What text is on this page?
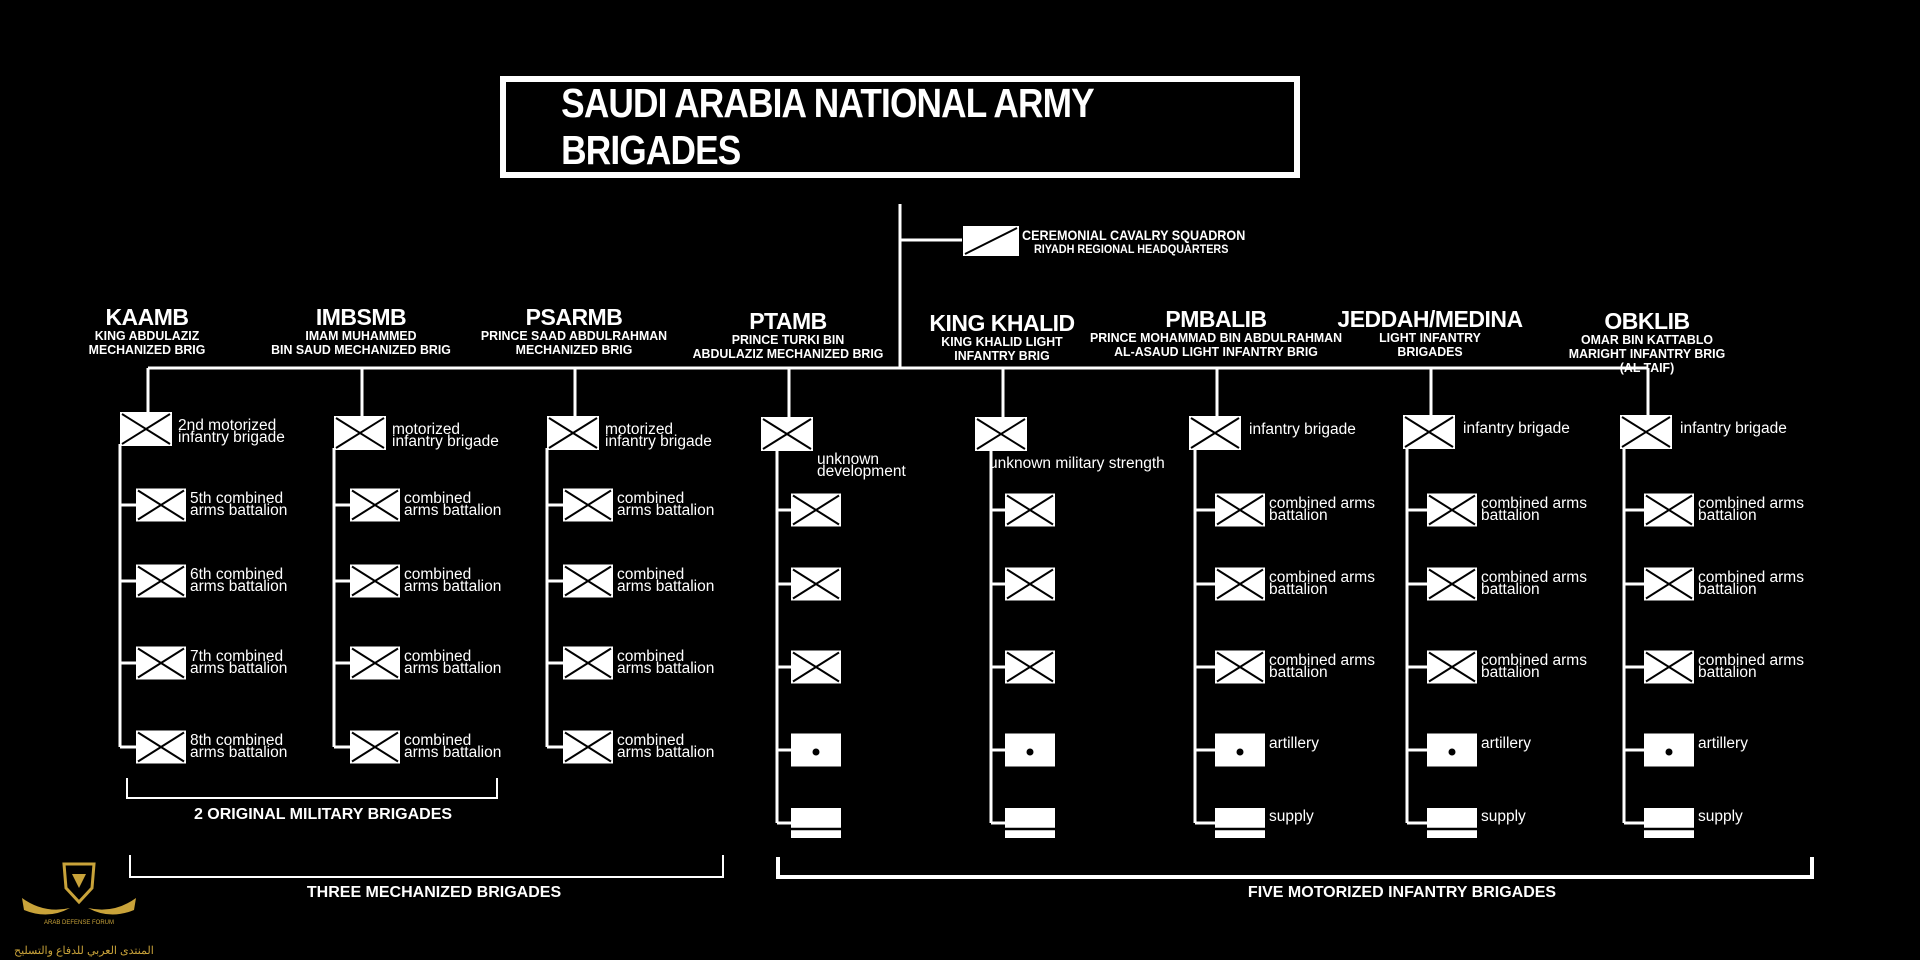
SAUDI ARABIA NATIONAL ARMY BRIGADES
CEREMONIAL CAVALRY SQUADRON
RIYADH REGIONAL HEADQUARTERS
KAAMB
KING ABDULAZIZ
MECHANIZED BRIG
IMBSMB
IMAM MUHAMMED
BIN SAUD MECHANIZED BRIG
PSARMB
PRINCE SAAD ABDULRAHMAN
MECHANIZED BRIG
PTAMB
PRINCE TURKI BIN
ABDULAZIZ MECHANIZED BRIG
KING KHALID
KING KHALID LIGHT
INFANTRY BRIG
PMBALIB
PRINCE MOHAMMAD BIN ABDULRAHMAN
AL-ASAUD LIGHT INFANTRY BRIG
JEDDAH/MEDINA
LIGHT INFANTRY
BRIGADES
OBKLIB
OMAR BIN KATTABLO
MARIGHT INFANTRY BRIG
(AL TAIF)
2nd motorized
infantry brigade
5th combined
arms battalion
6th combined
arms battalion
7th combined
arms battalion
8th combined
arms battalion
motorized
infantry brigade
combined
arms battalion
combined
arms battalion
combined
arms battalion
combined
arms battalion
motorized
infantry brigade
combined
arms battalion
combined
arms battalion
combined
arms battalion
combined
arms battalion
unknown
development	unknown military strength
infantry brigade
combined arms
battalion
combined arms
battalion
combined arms
battalion
artillery
supply
infantry brigade
combined arms
battalion
combined arms
battalion
combined arms
battalion
artillery
supply
infantry brigade
combined arms
battalion
combined arms
battalion
combined arms
battalion
artillery
supply
2 ORIGINAL MILITARY BRIGADES
THREE MECHANIZED BRIGADES	FIVE MOTORIZED INFANTRY BRIGADES
ARAB DEFENSE FORUM
المنتدى العربي للدفاع والتسليح
